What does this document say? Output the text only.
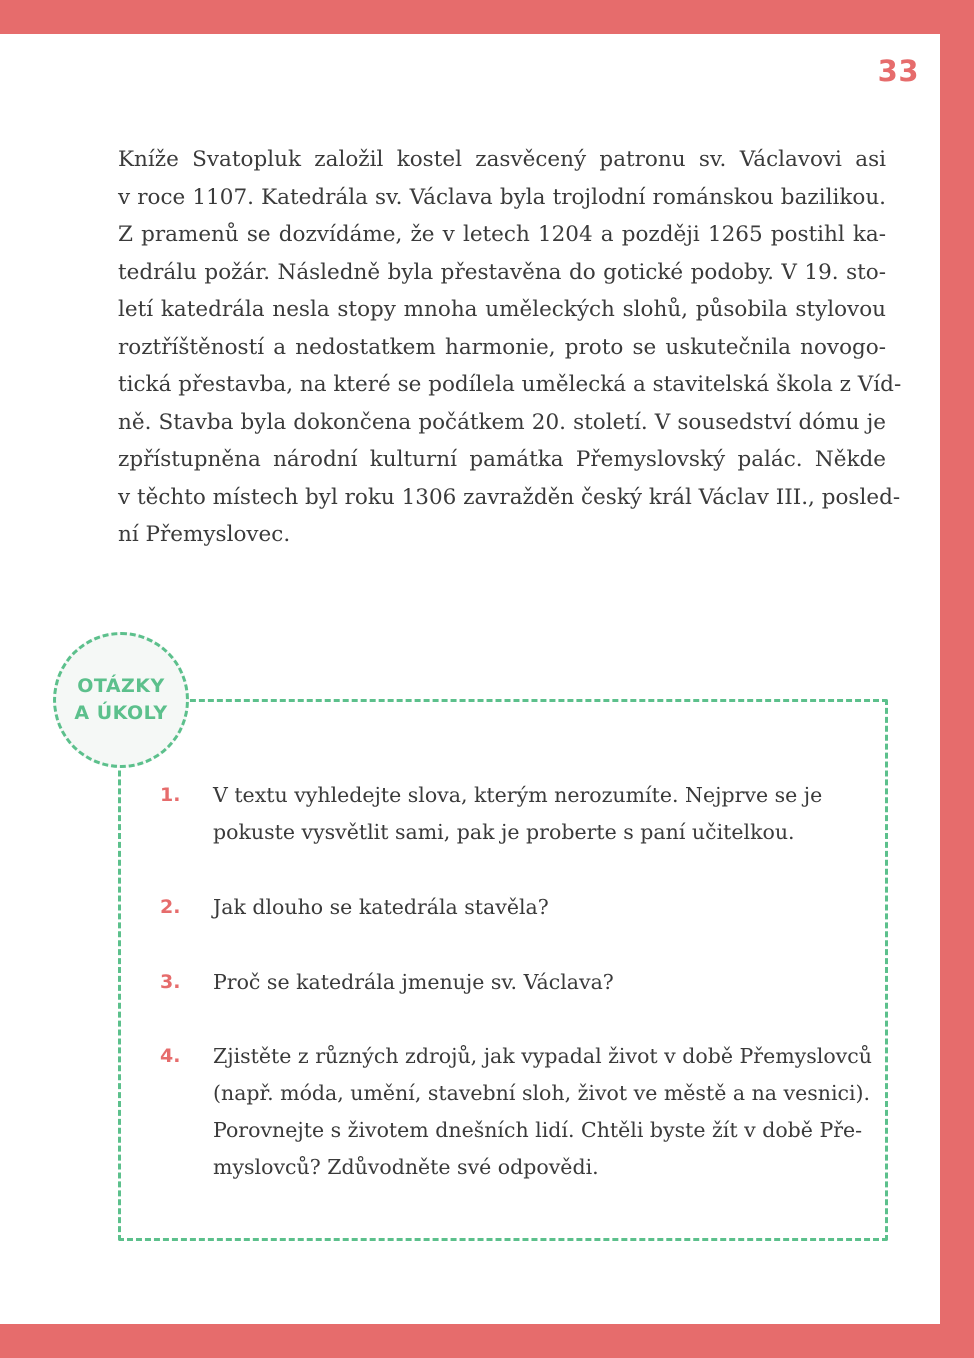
33

Kníže Svatopluk založil kostel zasvěcený patronu sv. Václavovi asi
v roce 1107. Katedrála sv. Václava byla trojlodní románskou bazilikou.
Z pramenů se dozvídáme, že v letech 1204 a později 1265 postihl ka-
tedrálu požár. Následně byla přestavěna do gotické podoby. V 19. sto-
letí katedrála nesla stopy mnoha uměleckých slohů, působila stylovou
roztříštěností a nedostatkem harmonie, proto se uskutečnila novogo-
tická přestavba, na které se podílela umělecká a stavitelská škola z Víd-
ně. Stavba byla dokončena počátkem 20. století. V sousedství dómu je
zpřístupněna národní kulturní památka Přemyslovský palác. Někde
v těchto místech byl roku 1306 zavražděn český král Václav III., posled-
ní Přemyslovec.

OTÁZKY
A ÚKOLY
1.	V textu vyhledejte slova, kterým nerozumíte. Nejprve se je
pokuste vysvětlit sami, pak je proberte s paní učitelkou.
2.	Jak dlouho se katedrála stavěla?
3.	Proč se katedrála jmenuje sv. Václava?
4.	Zjistěte z různých zdrojů, jak vypadal život v době Přemyslovců
(např. móda, umění, stavební sloh, život ve městě a na vesnici).
Porovnejte s životem dnešních lidí. Chtěli byste žít v době Pře-
myslovců? Zdůvodněte své odpovědi.
